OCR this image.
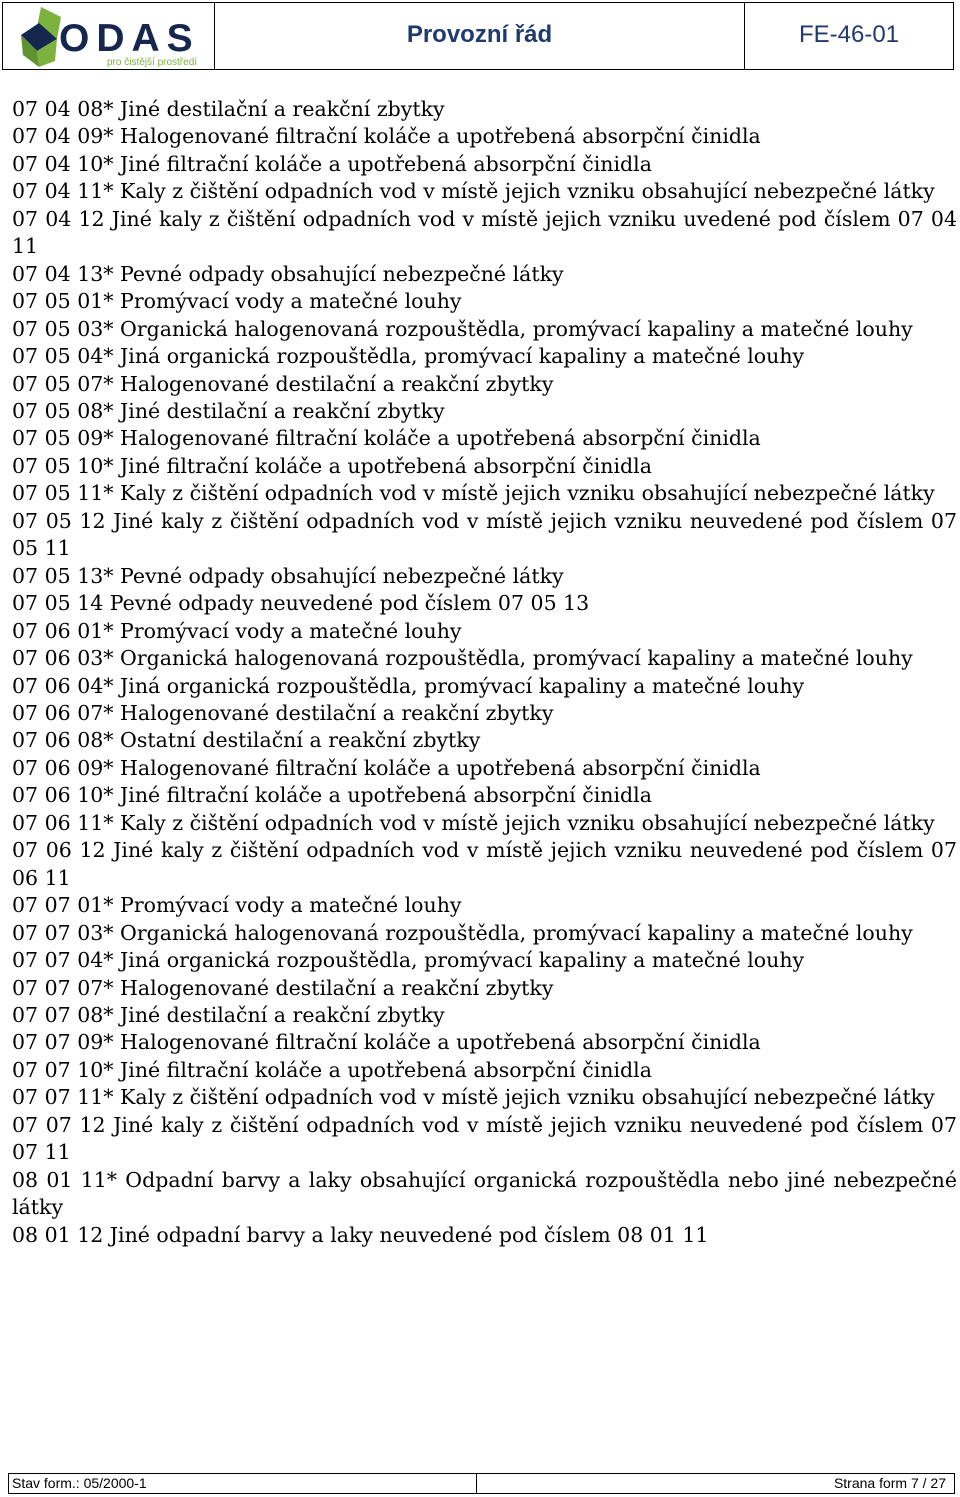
ODAS
pro čistější prostředí
Provozní řád	FE-46-01

07 04 08* Jiné destilační a reakční zbytky

07 04 09* Halogenované filtrační koláče a upotřebená absorpční činidla

07 04 10* Jiné filtrační koláče a upotřebená absorpční činidla

07 04 11* Kaly z čištění odpadních vod v místě jejich vzniku obsahující nebezpečné látky

07 04 12 Jiné kaly z čištění odpadních vod v místě jejich vzniku uvedené pod číslem 07 04 11

07 04 13* Pevné odpady obsahující nebezpečné látky

07 05 01* Promývací vody a matečné louhy

07 05 03* Organická halogenovaná rozpouštědla, promývací kapaliny a matečné louhy

07 05 04* Jiná organická rozpouštědla, promývací kapaliny a matečné louhy

07 05 07* Halogenované destilační a reakční zbytky

07 05 08* Jiné destilační a reakční zbytky

07 05 09* Halogenované filtrační koláče a upotřebená absorpční činidla

07 05 10* Jiné filtrační koláče a upotřebená absorpční činidla

07 05 11* Kaly z čištění odpadních vod v místě jejich vzniku obsahující nebezpečné látky

07 05 12 Jiné kaly z čištění odpadních vod v místě jejich vzniku neuvedené pod číslem 07 05 11

07 05 13* Pevné odpady obsahující nebezpečné látky

07 05 14 Pevné odpady neuvedené pod číslem 07 05 13

07 06 01* Promývací vody a matečné louhy

07 06 03* Organická halogenovaná rozpouštědla, promývací kapaliny a matečné louhy

07 06 04* Jiná organická rozpouštědla, promývací kapaliny a matečné louhy

07 06 07* Halogenované destilační a reakční zbytky

07 06 08* Ostatní destilační a reakční zbytky

07 06 09* Halogenované filtrační koláče a upotřebená absorpční činidla

07 06 10* Jiné filtrační koláče a upotřebená absorpční činidla

07 06 11* Kaly z čištění odpadních vod v místě jejich vzniku obsahující nebezpečné látky

07 06 12 Jiné kaly z čištění odpadních vod v místě jejich vzniku neuvedené pod číslem 07 06 11

07 07 01* Promývací vody a matečné louhy

07 07 03* Organická halogenovaná rozpouštědla, promývací kapaliny a matečné louhy

07 07 04* Jiná organická rozpouštědla, promývací kapaliny a matečné louhy

07 07 07* Halogenované destilační a reakční zbytky

07 07 08* Jiné destilační a reakční zbytky

07 07 09* Halogenované filtrační koláče a upotřebená absorpční činidla

07 07 10* Jiné filtrační koláče a upotřebená absorpční činidla

07 07 11* Kaly z čištění odpadních vod v místě jejich vzniku obsahující nebezpečné látky

07 07 12 Jiné kaly z čištění odpadních vod v místě jejich vzniku neuvedené pod číslem 07 07 11

08 01 11* Odpadní barvy a laky obsahující organická rozpouštědla nebo jiné nebezpečné látky

08 01 12 Jiné odpadní barvy a laky neuvedené pod číslem 08 01 11

Stav form.: 05/2000-1	Strana form 7 / 27
